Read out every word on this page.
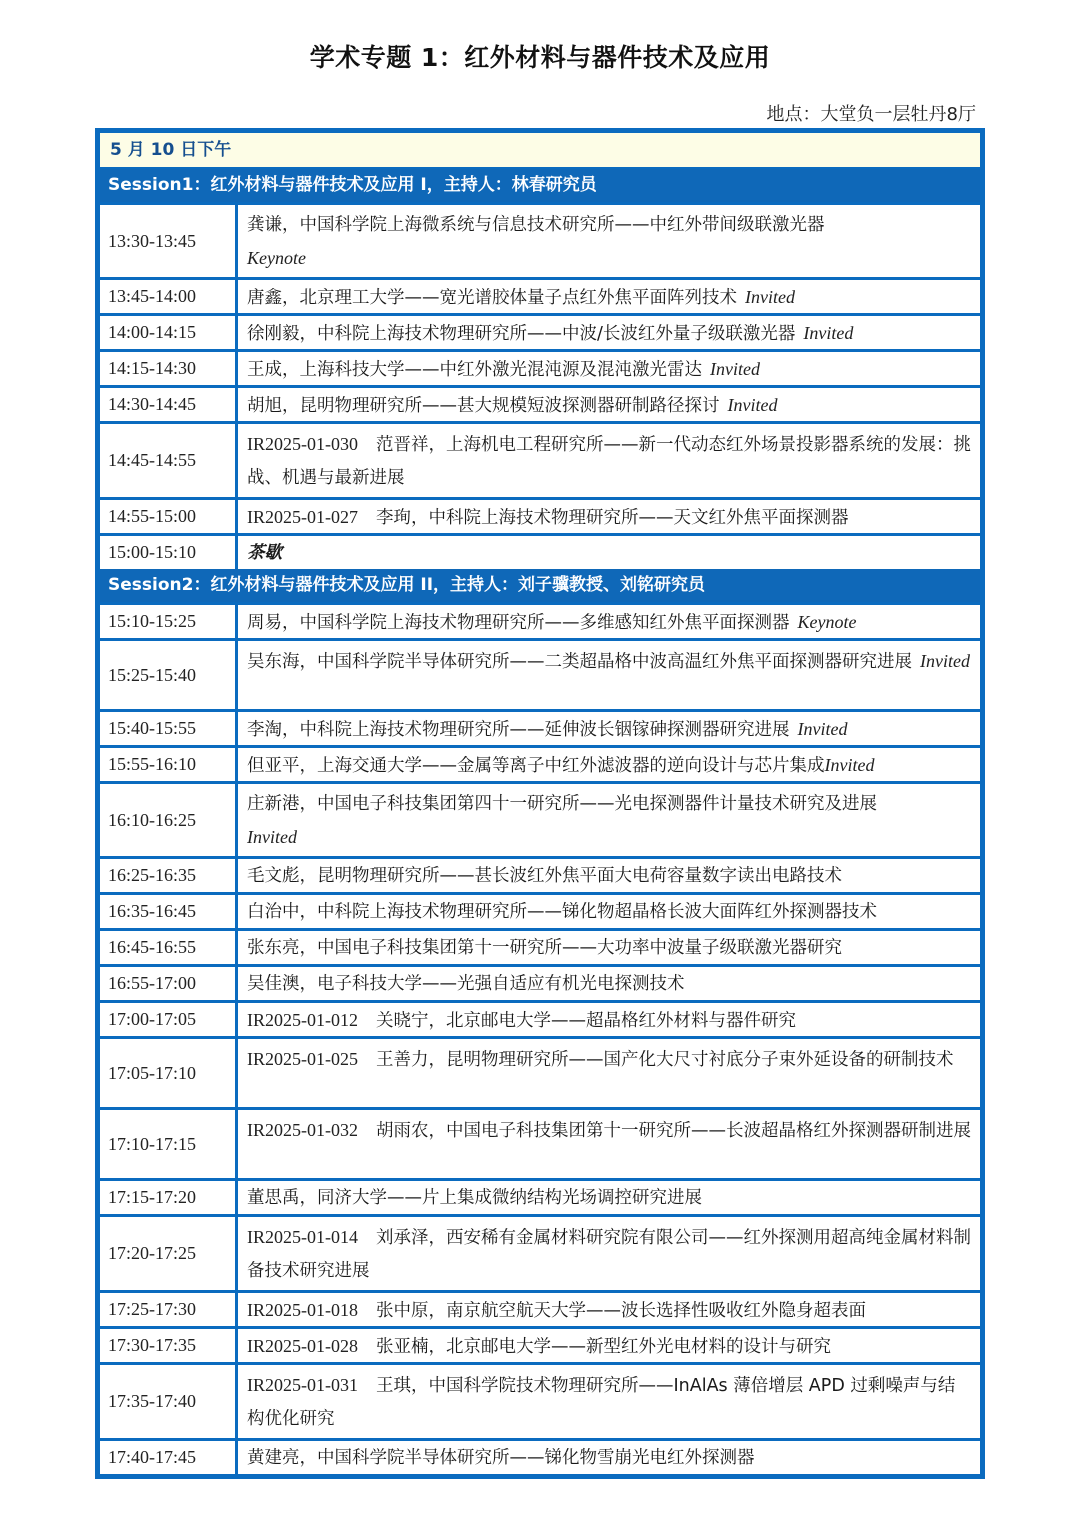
学术专题 1：红外材料与器件技术及应用
地点：大堂负一层牡丹8厅
5 月 10 日下午
Session1：红外材料与器件技术及应用 I，主持人：林春研究员
13:30-13:45
龚谦，中国科学院上海微系统与信息技术研究所——中红外带间级联激光器
Keynote
13:45-14:00	唐鑫，北京理工大学——宽光谱胶体量子点红外焦平面阵列技术 Invited
14:00-14:15	徐刚毅，中科院上海技术物理研究所——中波/长波红外量子级联激光器 Invited
14:15-14:30	王成，上海科技大学——中红外激光混沌源及混沌激光雷达 Invited
14:30-14:45	胡旭，昆明物理研究所——甚大规模短波探测器研制路径探讨 Invited
14:45-14:55
IR2025-01-030 范晋祥，上海机电工程研究所——新一代动态红外场景投影器系统的发展：挑战、机遇与最新进展
14:55-15:00	IR2025-01-027 李珣，中科院上海技术物理研究所——天文红外焦平面探测器
15:00-15:10	茶歇
Session2：红外材料与器件技术及应用 II，主持人：刘子骥教授、刘铭研究员
15:10-15:25	周易，中国科学院上海技术物理研究所——多维感知红外焦平面探测器 Keynote
15:25-15:40
吴东海，中国科学院半导体研究所——二类超晶格中波高温红外焦平面探测器研究进展 Invited
15:40-15:55	李淘，中科院上海技术物理研究所——延伸波长铟镓砷探测器研究进展 Invited
15:55-16:10	但亚平，上海交通大学——金属等离子中红外滤波器的逆向设计与芯片集成Invited
16:10-16:25
庄新港，中国电子科技集团第四十一研究所——光电探测器件计量技术研究及进展
Invited
16:25-16:35	毛文彪，昆明物理研究所——甚长波红外焦平面大电荷容量数字读出电路技术
16:35-16:45	白治中，中科院上海技术物理研究所——锑化物超晶格长波大面阵红外探测器技术
16:45-16:55	张东亮，中国电子科技集团第十一研究所——大功率中波量子级联激光器研究
16:55-17:00	吴佳澳，电子科技大学——光强自适应有机光电探测技术
17:00-17:05	IR2025-01-012 关晓宁，北京邮电大学——超晶格红外材料与器件研究
17:05-17:10
IR2025-01-025 王善力，昆明物理研究所——国产化大尺寸衬底分子束外延设备的研制技术
17:10-17:15
IR2025-01-032 胡雨农，中国电子科技集团第十一研究所——长波超晶格红外探测器研制进展
17:15-17:20	董思禹，同济大学——片上集成微纳结构光场调控研究进展
17:20-17:25
IR2025-01-014 刘承泽，西安稀有金属材料研究院有限公司——红外探测用超高纯金属材料制备技术研究进展
17:25-17:30	IR2025-01-018 张中原，南京航空航天大学——波长选择性吸收红外隐身超表面
17:30-17:35	IR2025-01-028 张亚楠，北京邮电大学——新型红外光电材料的设计与研究
17:35-17:40
IR2025-01-031 王琪，中国科学院技术物理研究所——InAlAs 薄倍增层 APD 过剩噪声与结构优化研究
17:40-17:45	黄建亮，中国科学院半导体研究所——锑化物雪崩光电红外探测器
